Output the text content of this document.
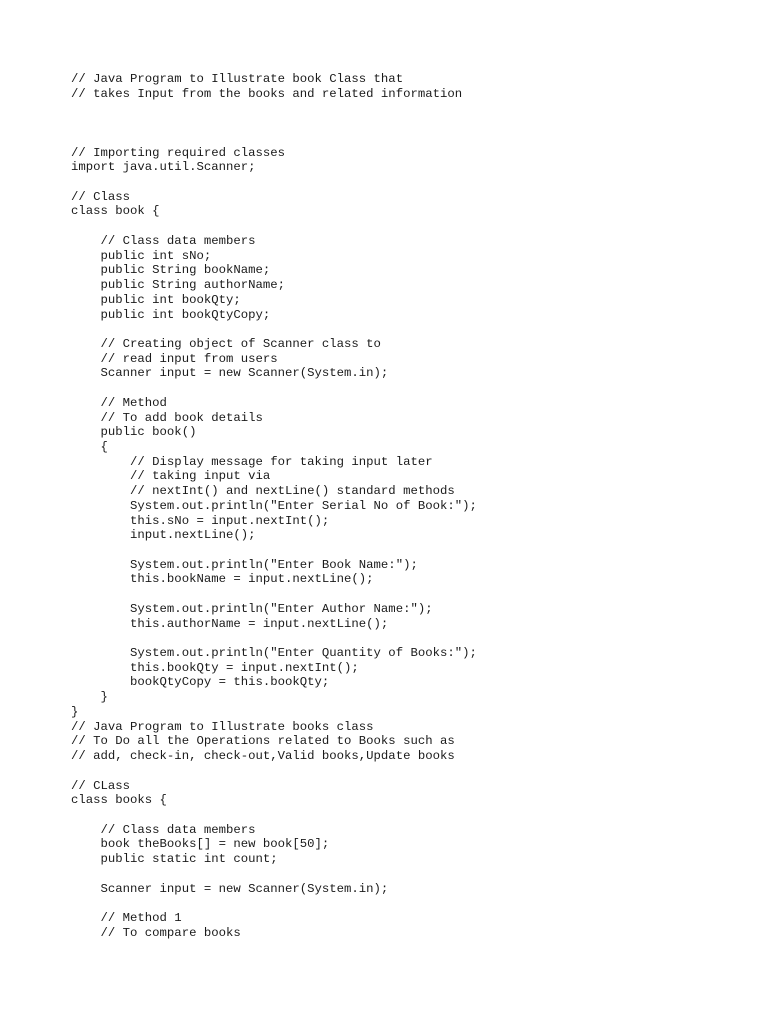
// Java Program to Illustrate book Class that
// takes Input from the books and related information

// Importing required classes
import java.util.Scanner;

// Class
class book {

// Class data members
public int sNo;
public String bookName;
public String authorName;
public int bookQty;
public int bookQtyCopy;

// Creating object of Scanner class to
// read input from users
Scanner input = new Scanner(System.in);

// Method
// To add book details
public book()
{
// Display message for taking input later
// taking input via
// nextInt() and nextLine() standard methods
System.out.println("Enter Serial No of Book:");
this.sNo = input.nextInt();
input.nextLine();

System.out.println("Enter Book Name:");
this.bookName = input.nextLine();

System.out.println("Enter Author Name:");
this.authorName = input.nextLine();

System.out.println("Enter Quantity of Books:");
this.bookQty = input.nextInt();
bookQtyCopy = this.bookQty;
}
}
// Java Program to Illustrate books class
// To Do all the Operations related to Books such as
// add, check-in, check-out,Valid books,Update books

// CLass
class books {

// Class data members
book theBooks[] = new book[50];
public static int count;

Scanner input = new Scanner(System.in);

// Method 1
// To compare books
